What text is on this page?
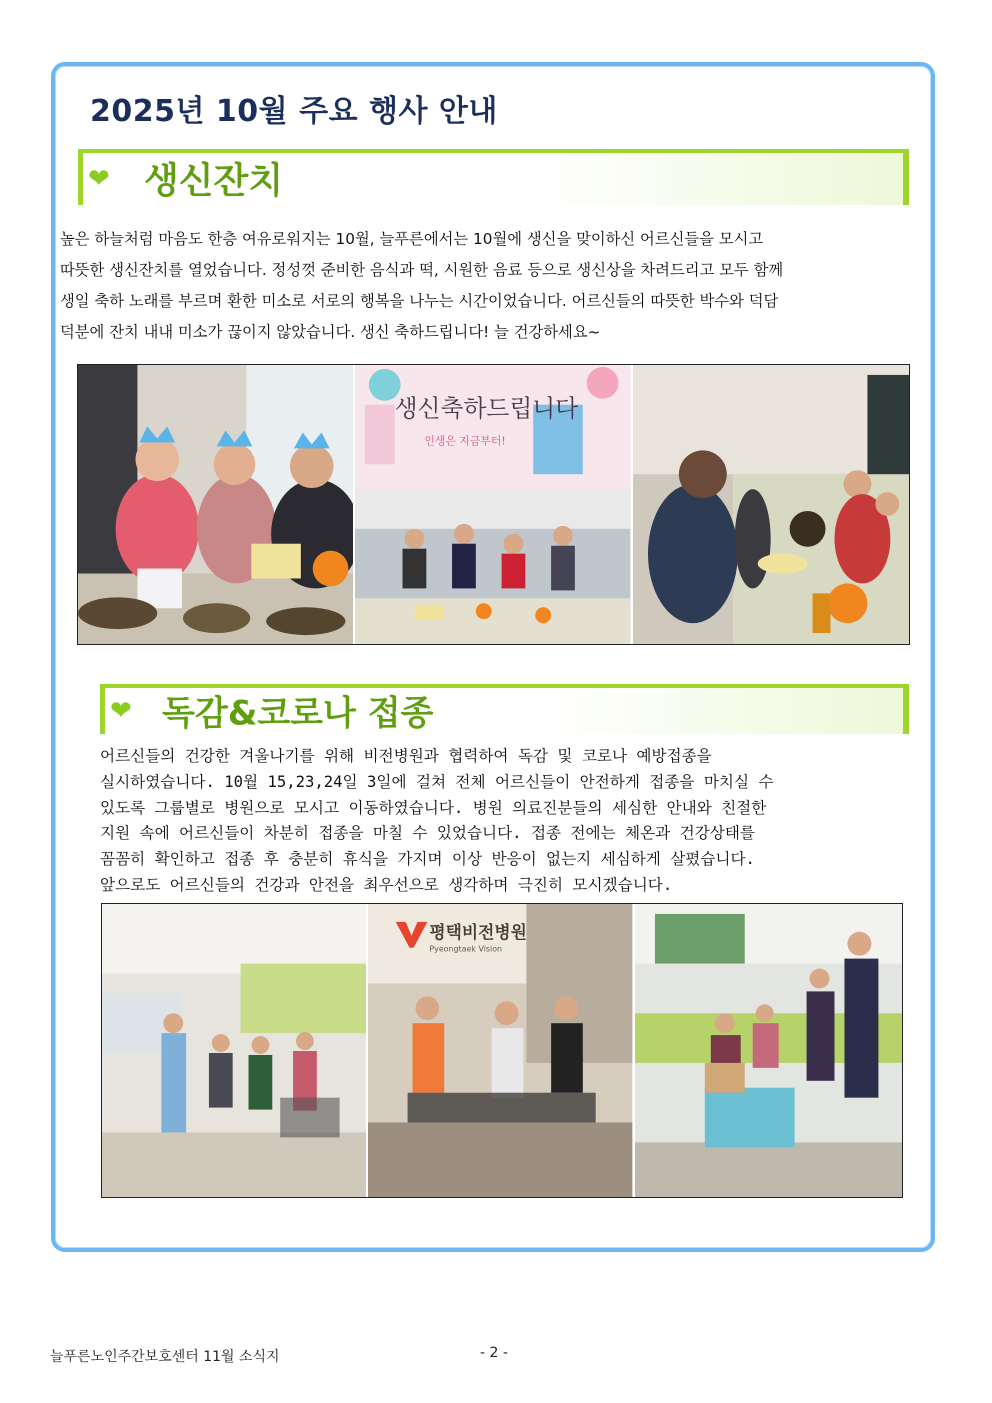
2025년 10월 주요 행사 안내
❤ 생신잔치
높은 하늘처럼 마음도 한층 여유로워지는 10월, 늘푸른에서는 10월에 생신을 맞이하신 어르신들을 모시고
따뜻한 생신잔치를 열었습니다. 정성껏 준비한 음식과 떡, 시원한 음료 등으로 생신상을 차려드리고 모두 함께
생일 축하 노래를 부르며 환한 미소로 서로의 행복을 나누는 시간이었습니다. 어르신들의 따뜻한 박수와 덕담
덕분에 잔치 내내 미소가 끊이지 않았습니다. 생신 축하드립니다! 늘 건강하세요~
생신축하드립니다
인생은 지금부터!
❤ 독감&코로나 접종
어르신들의 건강한 겨울나기를 위해 비전병원과 협력하여 독감 및 코로나 예방접종을
실시하였습니다. 10월 15,23,24일 3일에 걸쳐 전체 어르신들이 안전하게 접종을 마치실 수
있도록 그룹별로 병원으로 모시고 이동하였습니다. 병원 의료진분들의 세심한 안내와 친절한
지원 속에 어르신들이 차분히 접종을 마칠 수 있었습니다. 접종 전에는 체온과 건강상태를
꼼꼼히 확인하고 접종 후 충분히 휴식을 가지며 이상 반응이 없는지 세심하게 살폈습니다.
앞으로도 어르신들의 건강과 안전을 최우선으로 생각하며 극진히 모시겠습니다.
평택비전병원
Pyeongtaek Vision
늘푸른노인주간보호센터 11월 소식지	- 2 -
